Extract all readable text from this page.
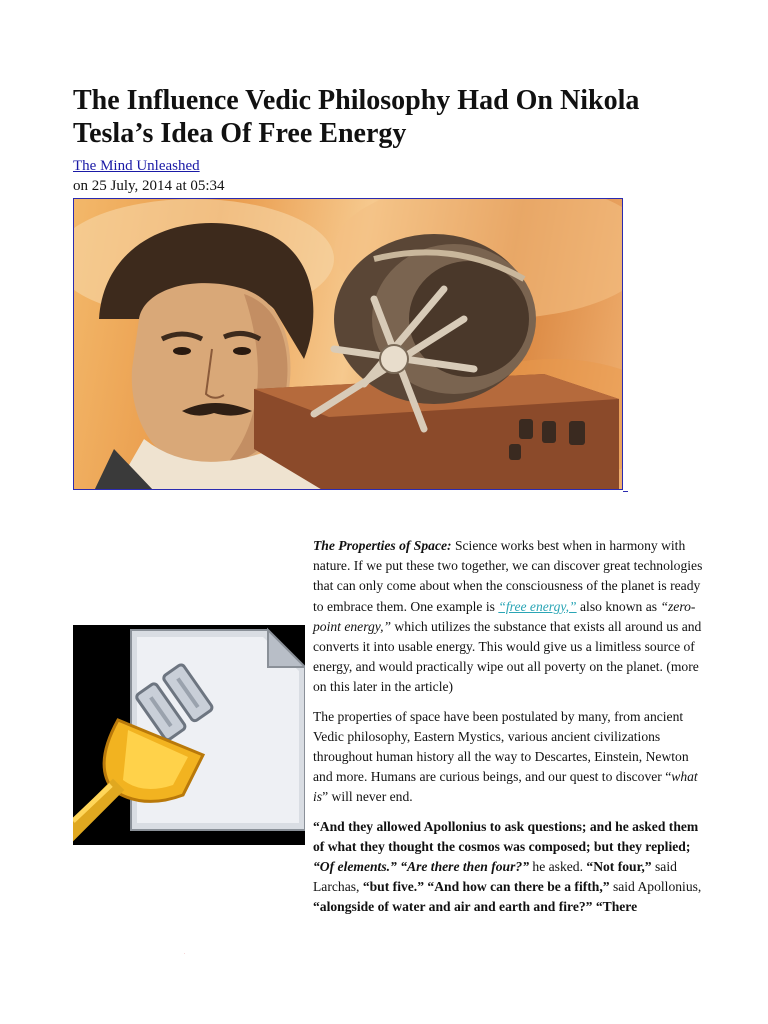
The Influence Vedic Philosophy Had On Nikola Tesla’s Idea Of Free Energy
The Mind Unleashed
on 25 July, 2014 at 05:34
·

The Properties of Space: Science works best when in harmony with nature. If we put these two together, we can discover great technologies that can only come about when the consciousness of the planet is ready to embrace them. One example is “free energy,” also known as “zero-point energy,” which utilizes the substance that exists all around us and converts it into usable energy. This would give us a limitless source of energy, and would practically wipe out all poverty on the planet. (more on this later in the article)

The properties of space have been postulated by many, from ancient Vedic philosophy, Eastern Mystics, various ancient civilizations throughout human history all the way to Descartes, Einstein, Newton and more. Humans are curious beings, and our quest to discover “what is” will never end.

“And they allowed Apollonius to ask questions; and he asked them of what they thought the cosmos was composed; but they replied; “Of elements.” “Are there then four?” he asked. “Not four,” said Larchas, “but five.” “And how can there be a fifth,” said Apollonius, “alongside of water and air and earth and fire?” “There
